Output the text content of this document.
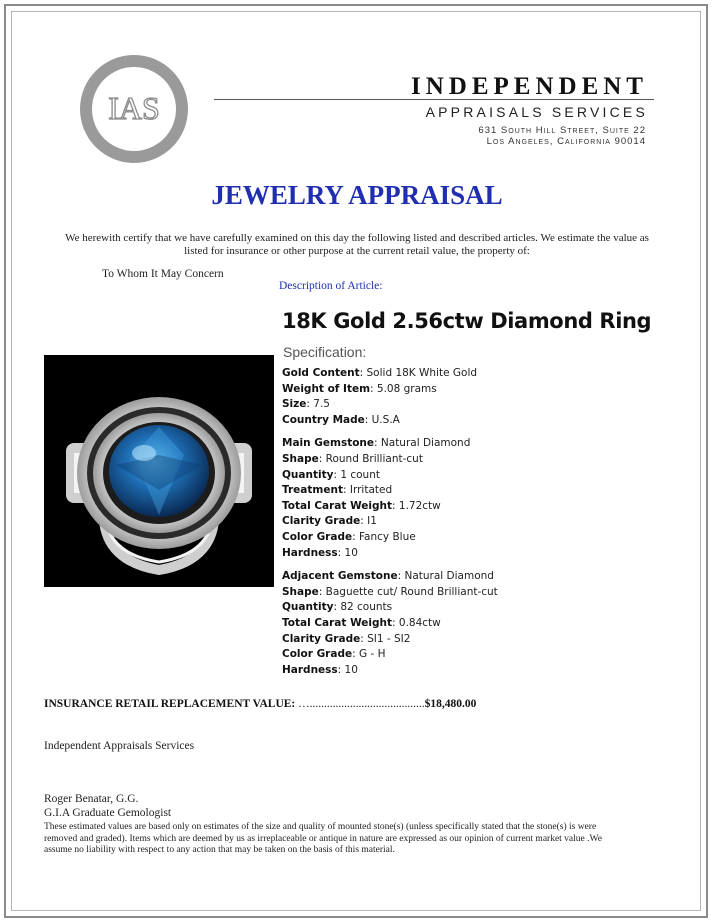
IAS
Appraisal
INDEPENDENT
APPRAISALS SERVICES
631 South Hill Street, Suite 22
Los Angeles, California 90014
JEWELRY APPRAISAL
We herewith certify that we have carefully examined on this day the following listed and described articles. We estimate the value as listed for insurance or other purpose at the current retail value, the property of:
To Whom It May Concern
Description of Article:
18K Gold 2.56ctw Diamond Ring
Specification:
Gold Content: Solid 18K White Gold
Weight of Item: 5.08 grams
Size: 7.5
Country Made: U.S.A
Main Gemstone: Natural Diamond
Shape: Round Brilliant-cut
Quantity: 1 count
Treatment: Irritated
Total Carat Weight: 1.72ctw
Clarity Grade: I1
Color Grade: Fancy Blue
Hardness: 10
Adjacent Gemstone: Natural Diamond
Shape: Baguette cut/ Round Brilliant-cut
Quantity: 82 counts
Total Carat Weight: 0.84ctw
Clarity Grade: SI1 - SI2
Color Grade: G - H
Hardness: 10
INSURANCE RETAIL REPLACEMENT VALUE: …........................................$18,480.00
Independent Appraisals Services
Roger Benatar, G.G.
G.I.A Graduate Gemologist
These estimated values are based only on estimates of the size and quality of mounted stone(s) (unless specifically stated that the stone(s) is were removed and graded). Items which are deemed by us as irreplaceable or antique in nature are expressed as our opinion of current market value .We assume no liability with respect to any action that may be taken on the basis of this material.
